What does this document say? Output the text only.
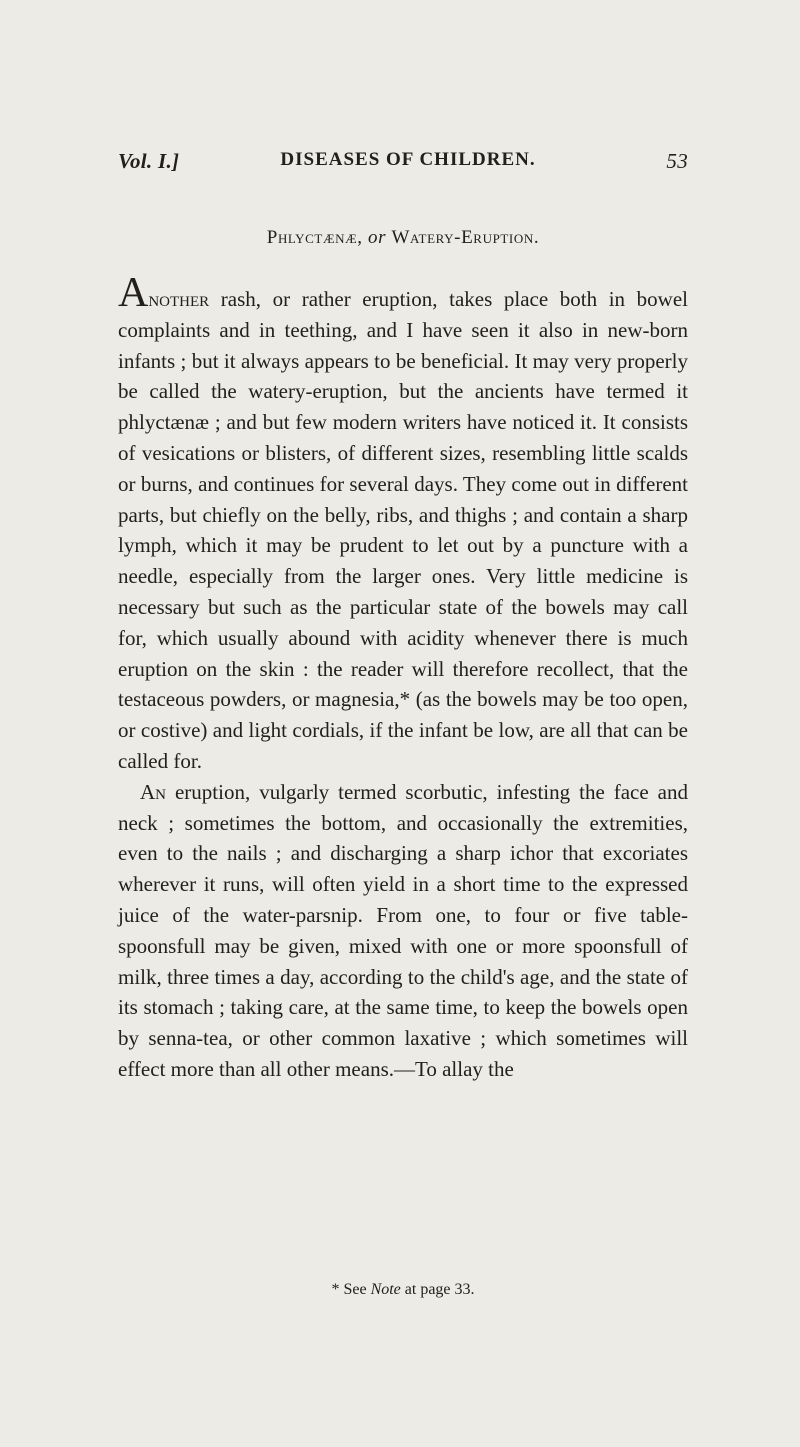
Vol. I.]	DISEASES OF CHILDREN.	53
Phlyctænæ, or Watery-Eruption.

Another rash, or rather eruption, takes place both in bowel complaints and in teething, and I have seen it also in new-born infants ; but it always appears to be beneficial. It may very properly be called the watery-eruption, but the ancients have termed it phlyctænæ ; and but few modern writers have noticed it. It consists of vesications or blisters, of different sizes, resembling little scalds or burns, and continues for several days. They come out in different parts, but chiefly on the belly, ribs, and thighs ; and contain a sharp lymph, which it may be prudent to let out by a puncture with a needle, especially from the larger ones. Very little medicine is necessary but such as the particular state of the bowels may call for, which usually abound with acidity whenever there is much eruption on the skin : the reader will therefore recollect, that the testaceous powders, or magnesia,* (as the bowels may be too open, or costive) and light cordials, if the infant be low, are all that can be called for.

An eruption, vulgarly termed scorbutic, infesting the face and neck ; sometimes the bottom, and occasionally the extremities, even to the nails ; and discharging a sharp ichor that excoriates wherever it runs, will often yield in a short time to the expressed juice of the water-parsnip. From one, to four or five table-spoonsfull may be given, mixed with one or more spoonsfull of milk, three times a day, according to the child's age, and the state of its stomach ; taking care, at the same time, to keep the bowels open by senna-tea, or other common laxative ; which sometimes will effect more than all other means.—To allay the

* See Note at page 33.
